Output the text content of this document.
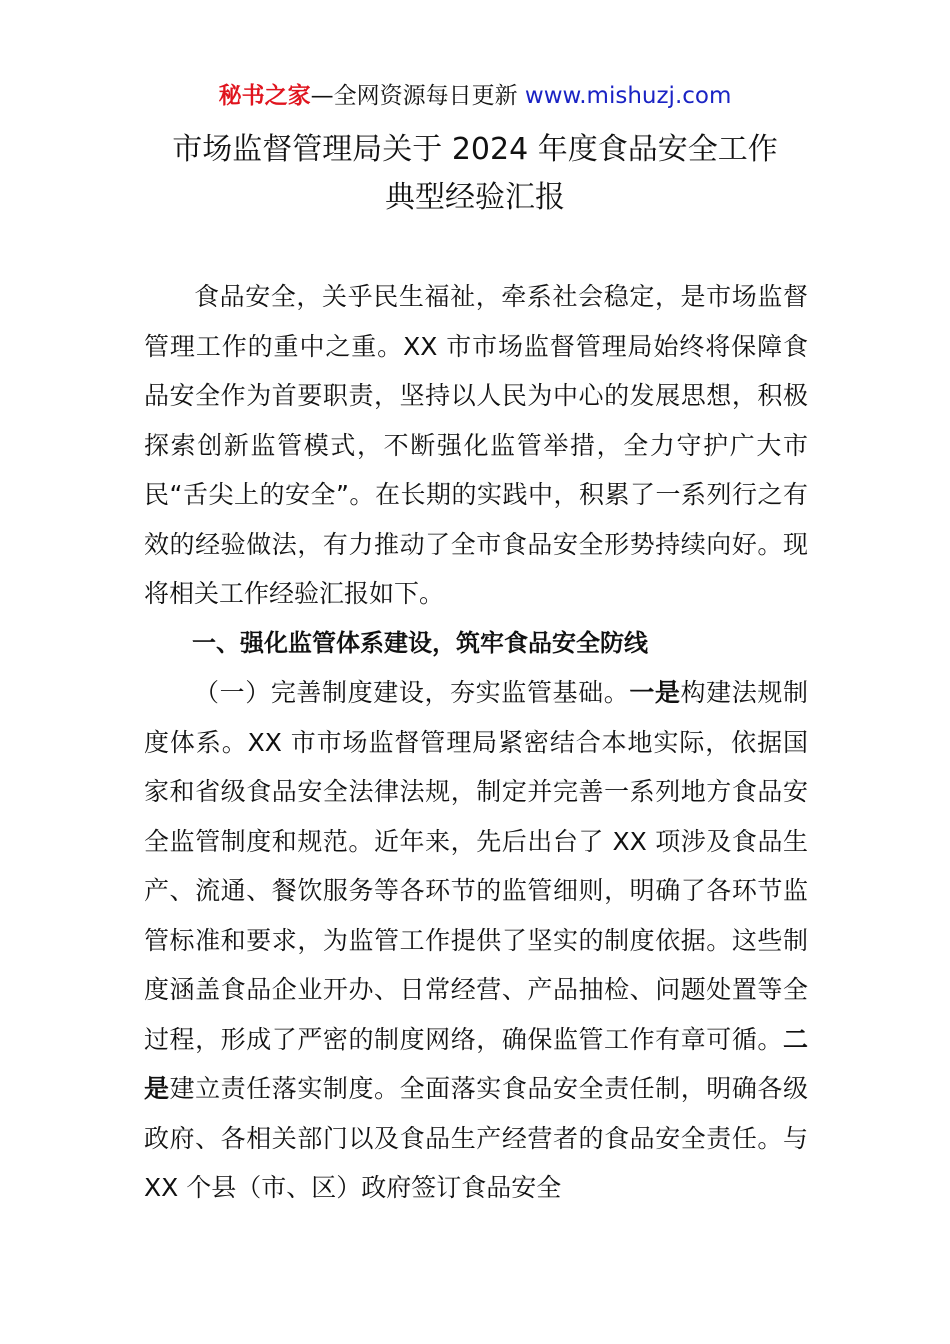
秘书之家—全网资源每日更新 www.mishuzj.com
市场监督管理局关于 2024 年度食品安全工作
典型经验汇报

食品安全，关乎民生福祉，牵系社会稳定，是市场监督管理工作的重中之重。XX 市市场监督管理局始终将保障食品安全作为首要职责，坚持以人民为中心的发展思想，积极探索创新监管模式，不断强化监管举措，全力守护广大市民“舌尖上的安全”。在长期的实践中，积累了一系列行之有效的经验做法，有力推动了全市食品安全形势持续向好。现将相关工作经验汇报如下。

一、强化监管体系建设，筑牢食品安全防线

（一）完善制度建设，夯实监管基础。一是构建法规制度体系。XX 市市场监督管理局紧密结合本地实际，依据国家和省级食品安全法律法规，制定并完善一系列地方食品安全监管制度和规范。近年来，先后出台了 XX 项涉及食品生产、流通、餐饮服务等各环节的监管细则，明确了各环节监管标准和要求，为监管工作提供了坚实的制度依据。这些制度涵盖食品企业开办、日常经营、产品抽检、问题处置等全过程，形成了严密的制度网络，确保监管工作有章可循。二是建立责任落实制度。全面落实食品安全责任制，明确各级政府、各相关部门以及食品生产经营者的食品安全责任。与 XX 个县（市、区）政府签订食品安全
